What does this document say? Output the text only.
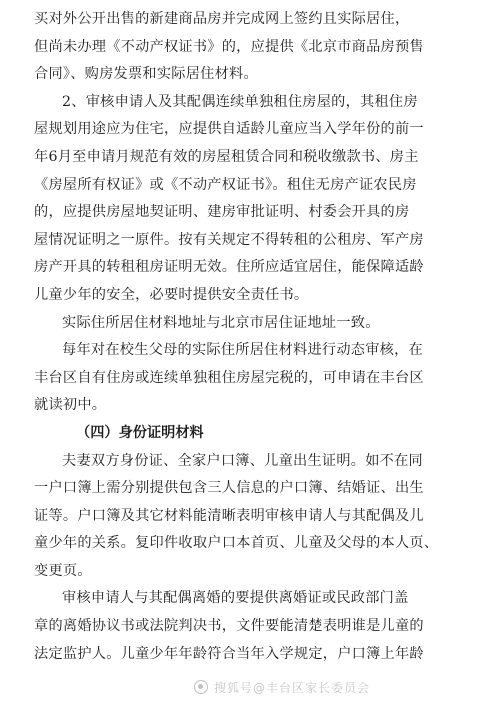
买对外公开出售的新建商品房并完成网上签约且实际居住，
但尚未办理《不动产权证书》的，应提供《北京市商品房预售
合同》、购房发票和实际居住材料。
2、审核申请人及其配偶连续单独租住房屋的，其租住房
屋规划用途应为住宅，应提供自适龄儿童应当入学年份的前一
年6月至申请月规范有效的房屋租赁合同和税收缴款书、房主
《房屋所有权证》或《不动产权证书》。租住无房产证农民房
的，应提供房屋地契证明、建房审批证明、村委会开具的房
屋情况证明之一原件。按有关规定不得转租的公租房、军产房
房产开具的转租租房证明无效。住所应适宜居住，能保障适龄
儿童少年的安全，必要时提供安全责任书。
实际住所居住材料地址与北京市居住证地址一致。
每年对在校生父母的实际住所居住材料进行动态审核，在
丰台区自有住房或连续单独租住房屋完税的，可申请在丰台区
就读初中。
（四）身份证明材料
夫妻双方身份证、全家户口簿、儿童出生证明。如不在同
一户口簿上需分别提供包含三人信息的户口簿、结婚证、出生
证等。户口簿及其它材料能清晰表明审核申请人与其配偶及儿
童少年的关系。复印件收取户口本首页、儿童及父母的本人页、
变更页。
审核申请人与其配偶离婚的要提供离婚证或民政部门盖
章的离婚协议书或法院判决书，文件要能清楚表明谁是儿童的
法定监护人。儿童少年年龄符合当年入学规定，户口簿上年龄
搜狐号@丰台区家长委员会
